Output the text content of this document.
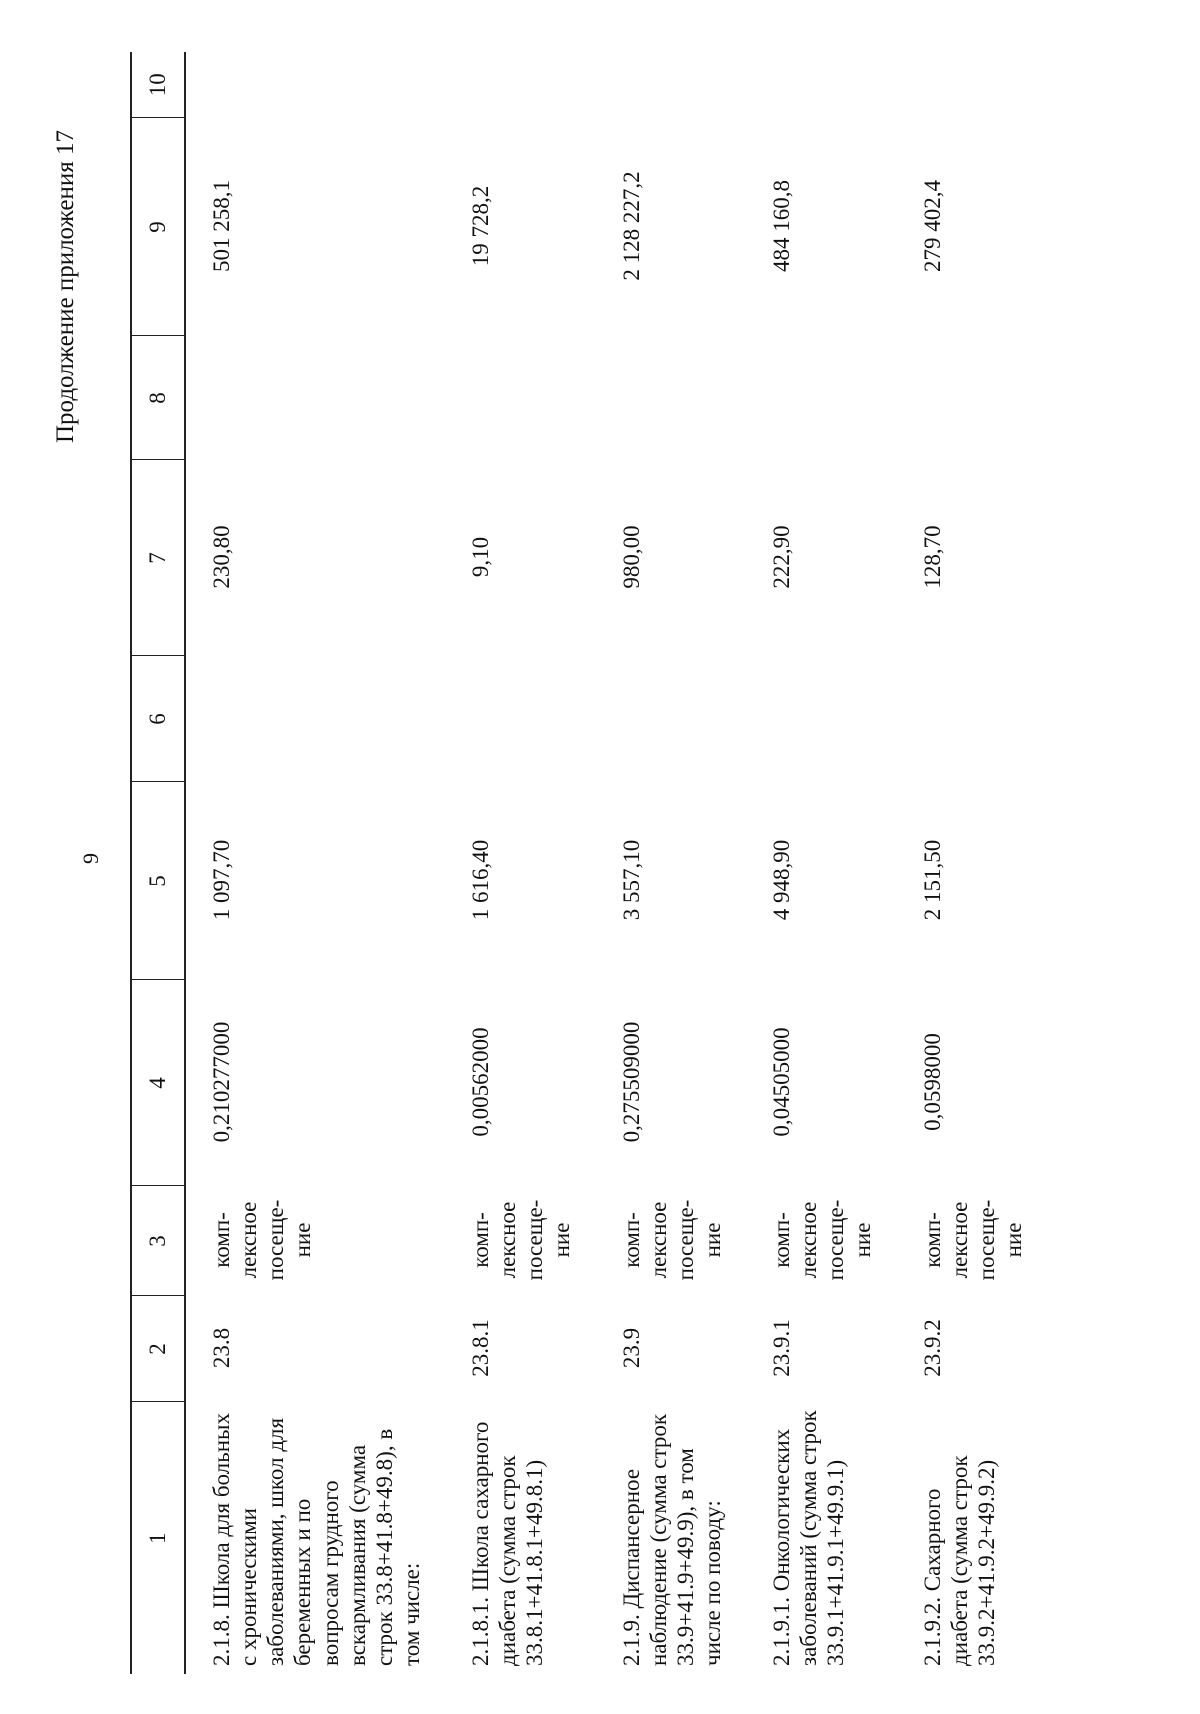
9
Продолжение приложения 17
1	2	3	4	5	6	7	8	9	10
2.1.8. Школа для больных с хроническими заболеваниями, школ для беременных и по вопросам грудного вскармливания (сумма строк 33.8+41.8+49.8), в том числе:	23.8	комп- лексное посеще- ние	0,210277000	1 097,70		230,80		501 258,1	
2.1.8.1. Школа сахарного диабета (сумма строк 33.8.1+41.8.1+49.8.1)	23.8.1	комп- лексное посеще- ние	0,00562000	1 616,40		9,10		19 728,2	
2.1.9. Диспансерное наблюдение (сумма строк 33.9+41.9+49.9), в том числе по поводу:	23.9	комп- лексное посеще- ние	0,275509000	3 557,10		980,00		2 128 227,2	
2.1.9.1. Онкологических заболеваний (сумма строк 33.9.1+41.9.1+49.9.1)	23.9.1	комп- лексное посеще- ние	0,04505000	4 948,90		222,90		484 160,8	
2.1.9.2. Сахарного диабета (сумма строк 33.9.2+41.9.2+49.9.2)	23.9.2	комп- лексное посеще- ние	0,0598000	2 151,50		128,70		279 402,4	
